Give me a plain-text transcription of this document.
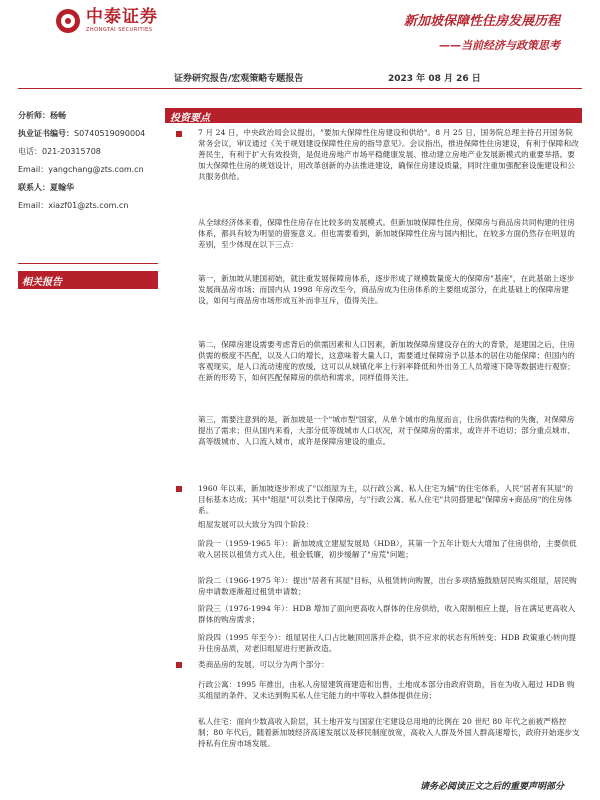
中泰证券
ZHONGTAI SECURITIES
新加坡保障性住房发展历程
——当前经济与政策思考
证券研究报告/宏观策略专题报告	2023 年 08 月 26 日
分析师：杨畅
执业证书编号：S0740519090004
电话：021-20315708
Email：yangchang@zts.com.cn
联系人：夏翰华
Email：xiazf01@zts.com.cn
相关报告
投资要点
7 月 24 日，中央政治局会议提出，"要加大保障性住房建设和供给"。8 月 25 日，国务院总理主持召开国务院常务会议，审议通过《关于规划建设保障性住房的指导意见》。会议指出，推进保障性住房建设，有利于保障和改善民生，有利于扩大有效投资，是促进房地产市场平稳健康发展、推动建立房地产业发展新模式的重要举措。要加大保障性住房的规划设计，用改革创新的办法推进建设，确保住房建设质量，同时注重加强配套设施建设和公共服务供给。
从全球经济体来看，保障性住房存在比较多的发展模式。但新加坡保障性住房，保障房与商品房共同构建的住房体系，都具有较为明显的借鉴意义。但也需要看到，新加坡保障性住房与国内相比，在较多方面仍然存在明显的差别，至少体现在以下三点：
第一，新加坡从建国初始，就注重发展保障房体系，逐步形成了规模数量庞大的保障房"基座"，在此基础上逐步发展商品房市场；而国内从 1998 年房改至今，商品房成为住房体系的主要组成部分，在此基础上的保障房建设，如何与商品房市场形成互补而非互斥，值得关注。
第二，保障房建设需要考虑背后的供需因素和人口因素，新加坡保障房建设存在的大的背景，是建国之后，住房供需的极度不匹配，以及人口的增长，这意味着大量人口，需要通过保障房予以基本的居住功能保障；但国内的客观现实，是人口流动速度的放缓，这可以从城镇化率上行斜率降低和外出务工人员增速下降等数据进行观察；在新的形势下，如何匹配保障房的供给和需求，同样值得关注。
第三，需要注意到的是，新加坡是一个"城市型"国家，从单个城市的角度而言，住房供需结构的失衡，对保障房提出了需求；但从国内来看，大部分低等级城市人口状况，对于保障房的需求，或许并不迫切；部分重点城市、高等级城市、人口流入城市，或许是保障房建设的重点。
1960 年以来，新加坡逐步形成了"以组屋为主，以行政公寓、私人住宅为辅"的住宅体系，人民"居者有其屋"的目标基本达成；其中"组屋"可以类比于保障房，与"行政公寓、私人住宅"共同搭建起"保障房+商品房"的住房体系。
组屋发展可以大致分为四个阶段：
阶段一（1959-1965 年）：新加坡成立建屋发展局（HDB），其第一个五年计划大大增加了住房供给，主要供低收入居民以租赁方式入住，租金低廉，初步缓解了"房荒"问题；
阶段二（1966-1975 年）：提出"居者有其屋"目标，从租赁转向购置，出台多项措施鼓励居民购买组屋，居民购房申请数逐渐超过租赁申请数；
阶段三（1976-1994 年）：HDB 增加了面向更高收入群体的住房供给，收入限制相应上提，旨在满足更高收入群体的购房需求；
阶段四（1995 年至今）：组屋居住人口占比触顶回落并企稳，供不应求的状态有所转变；HDB 政策重心转向提升住房品质，对老旧组屋进行更新改造。
类商品房的发展，可以分为两个部分：
行政公寓：1995 年推出，由私人房屋建筑商建造和出售，土地成本部分由政府资助，旨在为收入超过 HDB 购买组屋的条件、又未达到购买私人住宅能力的中等收入群体提供住房；
私人住宅：面向少数高收入阶层，其土地开发与国家住宅建设总用地的比例在 20 世纪 80 年代之前被严格控制；80 年代后，随着新加坡经济高速发展以及移民制度放宽，高收入人群及外国人群高速增长，政府开始逐步支持私有住房市场发展。
请务必阅读正文之后的重要声明部分
